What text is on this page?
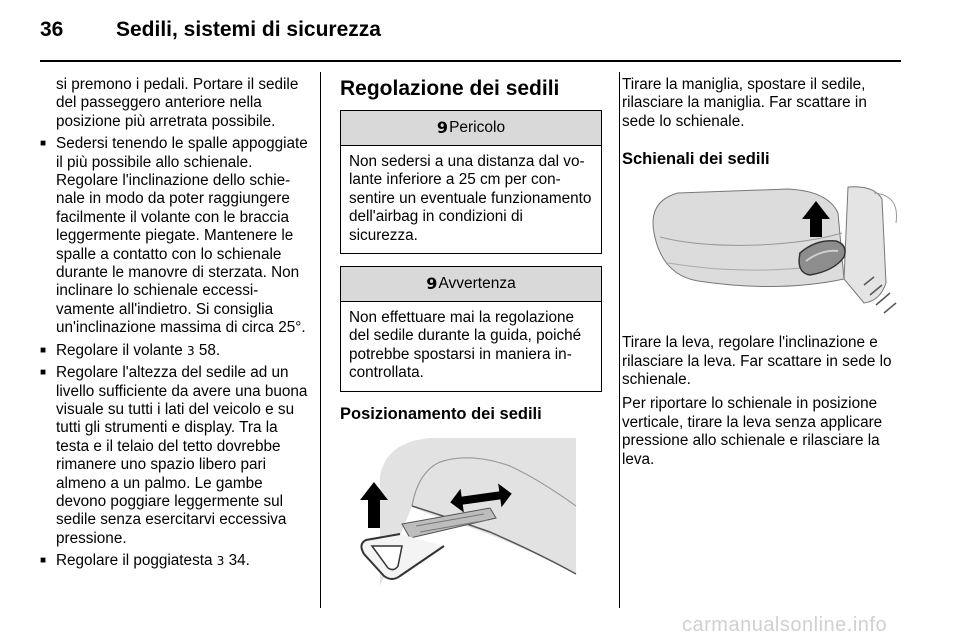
36	Sedili, sistemi di sicurezza

si premono i pedali. Portare il sedile del passeggero anteriore nella posizione più arretrata possibile.

■ Sedersi tenendo le spalle appoggiate il più possibile allo schienale. Regolare l'inclinazione dello schienale in modo da poter raggiungere facilmente il volante con le braccia leggermente piegate. Mantenere le spalle a contatto con lo schienale durante le manovre di sterzata. Non inclinare lo schienale eccessivamente all'indietro. Si consiglia un'inclinazione massima di circa 25°.

■ Regolare il volante 3 58.

■ Regolare l'altezza del sedile ad un livello sufficiente da avere una buona visuale su tutti i lati del veicolo e su tutti gli strumenti e display. Tra la testa e il telaio del tetto dovrebbe rimanere uno spazio libero pari almeno a un palmo. Le gambe devono poggiare leggermente sul sedile senza esercitarvi eccessiva pressione.

■ Regolare il poggiatesta 3 34.

Regolazione dei sedili
9 Pericolo
Non sedersi a una distanza dal volante inferiore a 25 cm per consentire un eventuale funzionamento dell'airbag in condizioni di sicurezza.
9 Avvertenza
Non effettuare mai la regolazione del sedile durante la guida, poiché potrebbe spostarsi in maniera incontrollata.
Posizionamento dei sedili

Tirare la maniglia, spostare il sedile, rilasciare la maniglia. Far scattare in sede lo schienale.

Schienali dei sedili

Tirare la leva, regolare l'inclinazione e rilasciare la leva. Far scattare in sede lo schienale.

Per riportare lo schienale in posizione verticale, tirare la leva senza applicare pressione allo schienale e rilasciare la leva.

carmanualsonline.info
